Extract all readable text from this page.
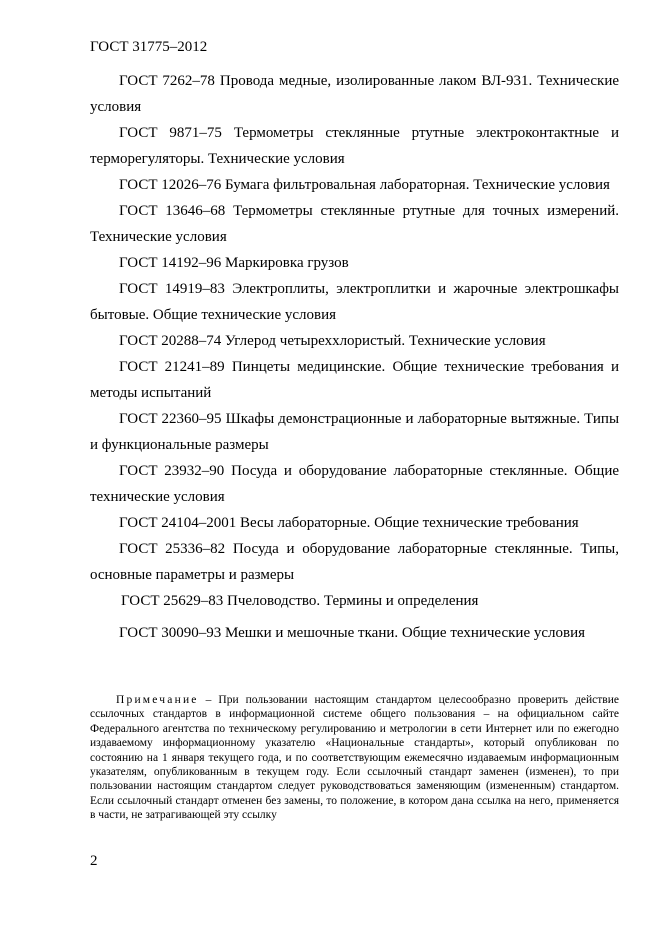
ГОСТ 31775–2012

ГОСТ 7262–78 Провода медные, изолированные лаком ВЛ-931. Технические условия

ГОСТ 9871–75 Термометры стеклянные ртутные электроконтактные и терморегуляторы. Технические условия

ГОСТ 12026–76 Бумага фильтровальная лабораторная. Технические условия

ГОСТ 13646–68 Термометры стеклянные ртутные для точных измерений. Технические условия

ГОСТ 14192–96 Маркировка грузов

ГОСТ 14919–83 Электроплиты, электроплитки и жарочные электрошкафы бытовые. Общие технические условия

ГОСТ 20288–74 Углерод четыреххлористый. Технические условия

ГОСТ 21241–89 Пинцеты медицинские. Общие технические требования и методы испытаний

ГОСТ 22360–95 Шкафы демонстрационные и лабораторные вытяжные. Типы и функциональные размеры

ГОСТ 23932–90 Посуда и оборудование лабораторные стеклянные. Общие технические условия

ГОСТ 24104–2001 Весы лабораторные. Общие технические требования

ГОСТ 25336–82 Посуда и оборудование лабораторные стеклянные. Типы, основные параметры и размеры

ГОСТ 25629–83 Пчеловодство. Термины и определения

ГОСТ 30090–93 Мешки и мешочные ткани. Общие технические условия

Примечание – При пользовании настоящим стандартом целесообразно проверить действие ссылочных стандартов в информационной системе общего пользования – на официальном сайте Федерального агентства по техническому регулированию и метрологии в сети Интернет или по ежегодно издаваемому информационному указателю «Национальные стандарты», который опубликован по состоянию на 1 января текущего года, и по соответствующим ежемесячно издаваемым информационным указателям, опубликованным в текущем году. Если ссылочный стандарт заменен (изменен), то при пользовании настоящим стандартом следует руководствоваться заменяющим (измененным) стандартом. Если ссылочный стандарт отменен без замены, то положение, в котором дана ссылка на него, применяется в части, не затрагивающей эту ссылку

2
